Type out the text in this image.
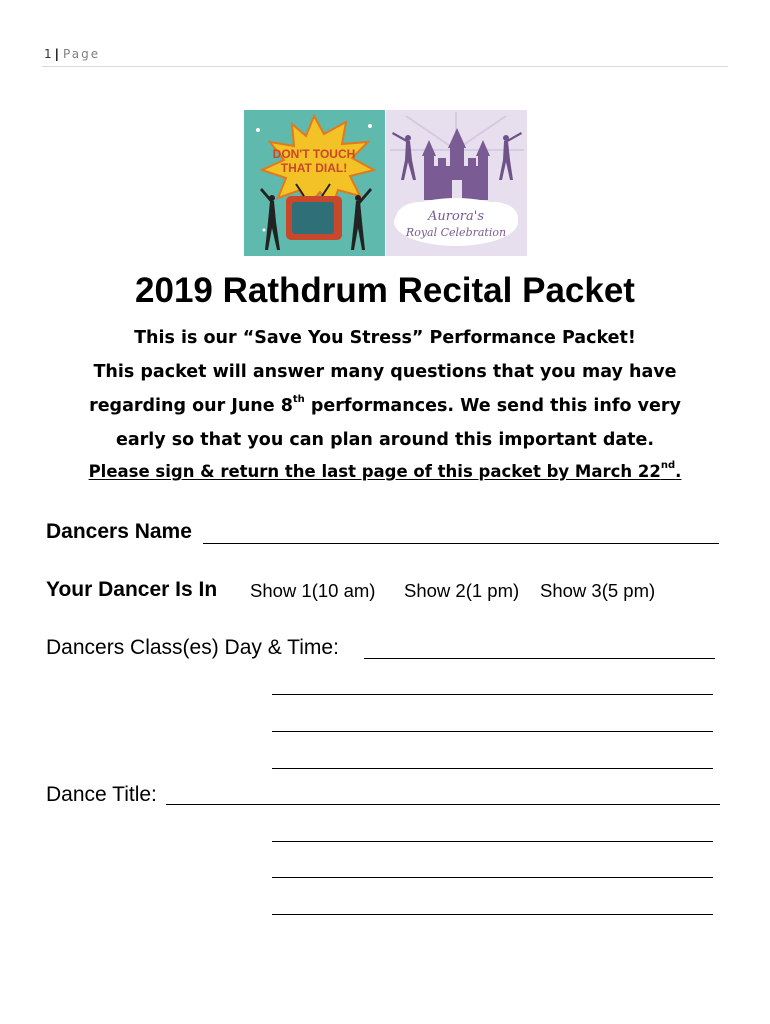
1 | Page
DON'T TOUCH
THAT DIAL!
Aurora's
Royal Celebration
2019 Rathdrum Recital Packet
This is our “Save You Stress” Performance Packet!
This packet will answer many questions that you may have
regarding our June 8th performances. We send this info very
early so that you can plan around this important date.
Please sign & return the last page of this packet by March 22nd.
Dancers Name
Your Dancer Is In Show 1(10 am) Show 2(1 pm) Show 3(5 pm)
Dancers Class(es) Day & Time:
Dance Title:
